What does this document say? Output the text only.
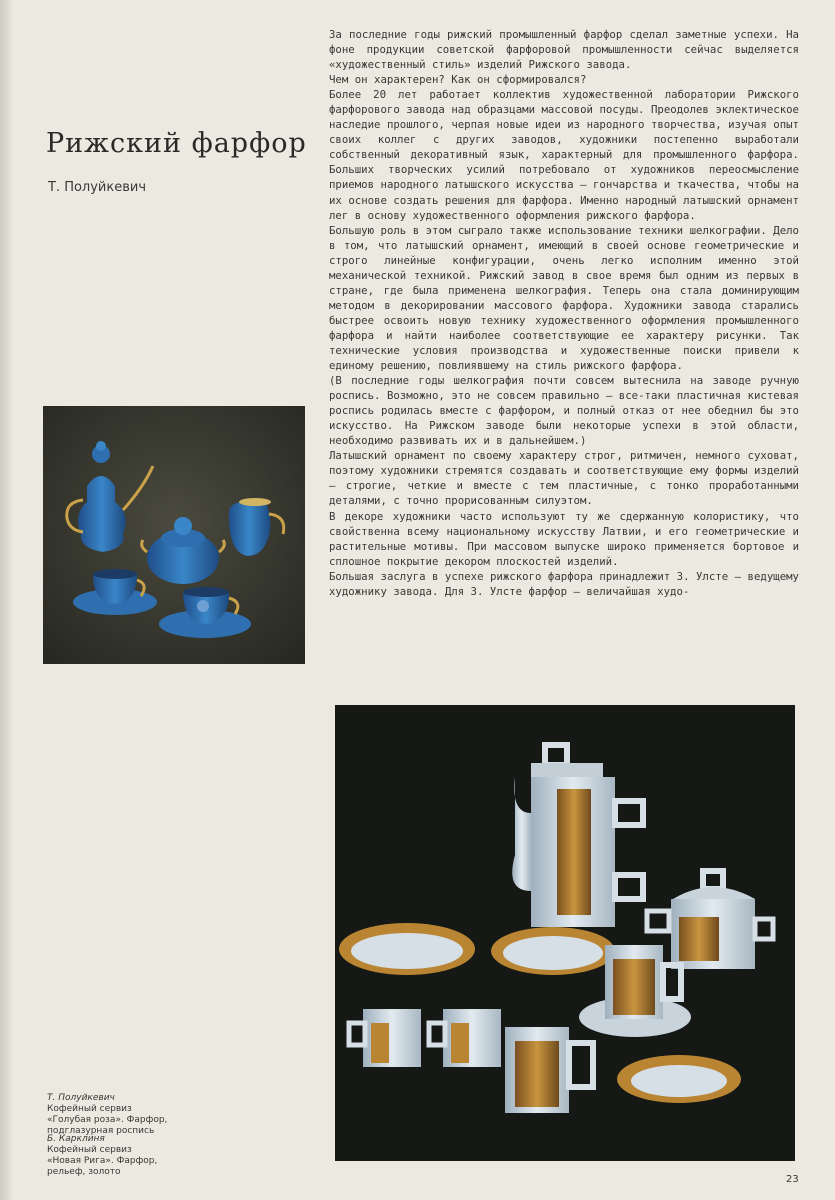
Рижский фарфор
Т. Полуйкевич

За последние годы рижский промышленный фарфор сделал заметные успехи. На фоне продукции советской фарфоровой промышленности сейчас выделяется «художественный стиль» изделий Рижского завода.

Чем он характерен? Как он сформировался?

Более 20 лет работает коллектив художественной лаборатории Рижского фарфорового завода над образцами массовой посуды. Преодолев эклектическое наследие прошлого, черпая новые идеи из народного творчества, изучая опыт своих коллег с других заводов, художники постепенно выработали собственный декоративный язык, характерный для промышленного фарфора. Больших творческих усилий потребовало от художников переосмысление приемов народного латышского искусства — гончарства и ткачества, чтобы на их основе создать решения для фарфора. Именно народный латышский орнамент лег в основу художественного оформления рижского фарфора.

Большую роль в этом сыграло также использование техники шелкографии. Дело в том, что латышский орнамент, имеющий в своей основе геометрические и строго линейные конфигурации, очень легко исполним именно этой механической техникой. Рижский завод в свое время был одним из первых в стране, где была применена шелкография. Теперь она стала доминирующим методом в декорировании массового фарфора. Художники завода старались быстрее освоить новую технику художественного оформления промышленного фарфора и найти наиболее соответствующие ее характеру рисунки. Так технические условия производства и художественные поиски привели к единому решению, повлиявшему на стиль рижского фарфора.

(В последние годы шелкография почти совсем вытеснила на заводе ручную роспись. Возможно, это не совсем правильно — все-таки пластичная кистевая роспись родилась вместе с фарфором, и полный отказ от нее обеднил бы это искусство. На Рижском заводе были некоторые успехи в этой области, необходимо развивать их и в дальнейшем.)

Латышский орнамент по своему характеру строг, ритмичен, немного суховат, поэтому художники стремятся создавать и соответствующие ему формы изделий — строгие, четкие и вместе с тем пластичные, с тонко проработанными деталями, с точно прорисованным силуэтом.

В декоре художники часто используют ту же сдержанную колористику, что свойственна всему национальному искусству Латвии, и его геометрические и растительные мотивы. При массовом выпуске широко применяется бортовое и сплошное покрытие декором плоскостей изделий.

Большая заслуга в успехе рижского фарфора принадлежит З. Улсте — ведущему художнику завода. Для З. Улсте фарфор — величайшая худо-

Т. Полуйкевич
Кофейный сервиз
«Голубая роза». Фарфор,
подглазурная роспись
Б. Карклиня
Кофейный сервиз
«Новая Рига». Фарфор,
рельеф, золото
23
